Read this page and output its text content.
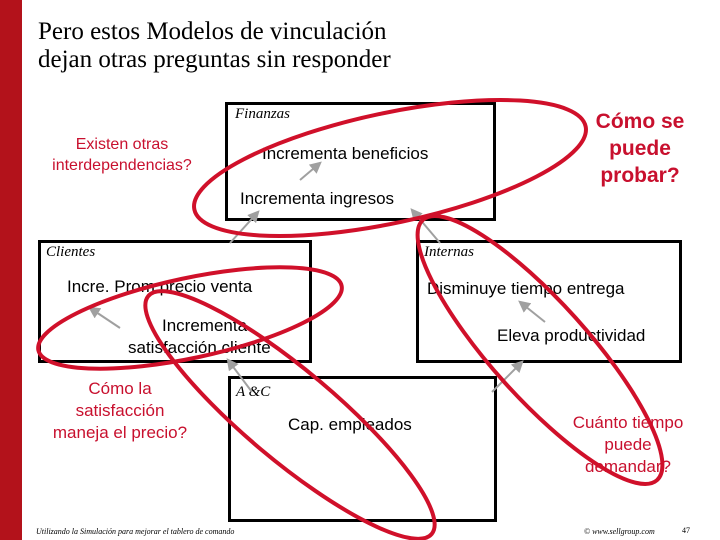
Pero estos Modelos de vinculación
dejan otras preguntas sin responder
Finanzas
Incrementa beneficios
Incrementa ingresos
Clientes
Incre. Prom precio venta
Incrementa
satisfacción cliente
Internas
Disminuye tiempo entrega
Eleva productividad
A &C
Cap. empleados
Existen otras
interdependencias?
Cómo se
puede
probar?
Cómo la
satisfacción
maneja el precio?
Cuánto tiempo
puede
demandar?
Utilizando la Simulación para mejorar el tablero de comando	© www.sellgroup.com	47
